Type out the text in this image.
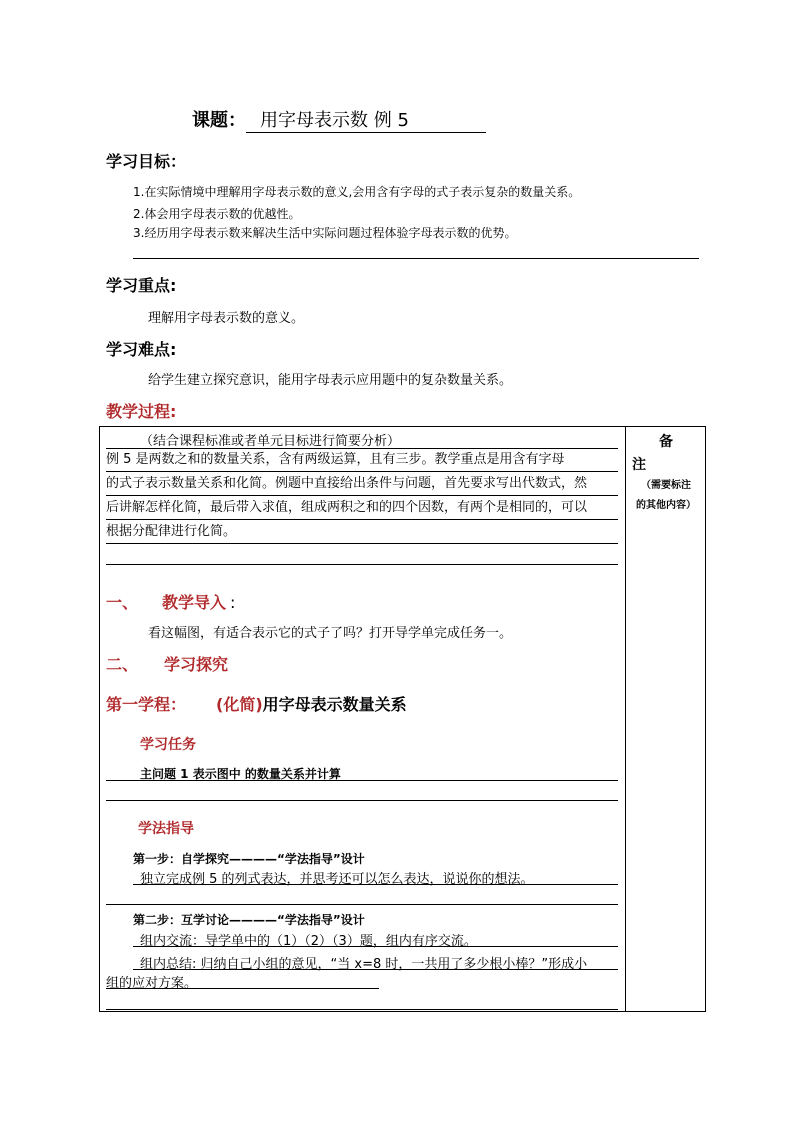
课题： 用字母表示数 例 5
学习目标：
1.在实际情境中理解用字母表示数的意义,会用含有字母的式子表示复杂的数量关系。
2.体会用字母表示数的优越性。
3.经历用字母表示数来解决生活中实际问题过程体验字母表示数的优势。
学习重点:
理解用字母表示数的意义。
学习难点:
给学生建立探究意识，能用字母表示应用题中的复杂数量关系。
教学过程:
备
注
（需要标注
的其他内容）
（结合课程标准或者单元目标进行简要分析）
例 5 是两数之和的数量关系，含有两级运算，且有三步。教学重点是用含有字母
的式子表示数量关系和化简。例题中直接给出条件与问题，首先要求写出代数式，然
后讲解怎样化简，最后带入求值，组成两积之和的四个因数，有两个是相同的，可以
根据分配律进行化简。
一、 教学导入 :
看这幅图，有适合表示它的式子了吗？打开导学单完成任务一。
二、 学习探究
第一学程： (化简)用字母表示数量关系
学习任务
主问题 1 表示图中 的数量关系并计算
学法指导
第一步：自学探究————“学法指导”设计
独立完成例 5 的列式表达，并思考还可以怎么表达，说说你的想法。
第二步：互学讨论————“学法指导”设计
组内交流：导学单中的（1）（2）（3）题，组内有序交流。
组内总结: 归纳自己小组的意见，“当 x=8 时，一共用了多少根小棒？”形成小
组的应对方案。
